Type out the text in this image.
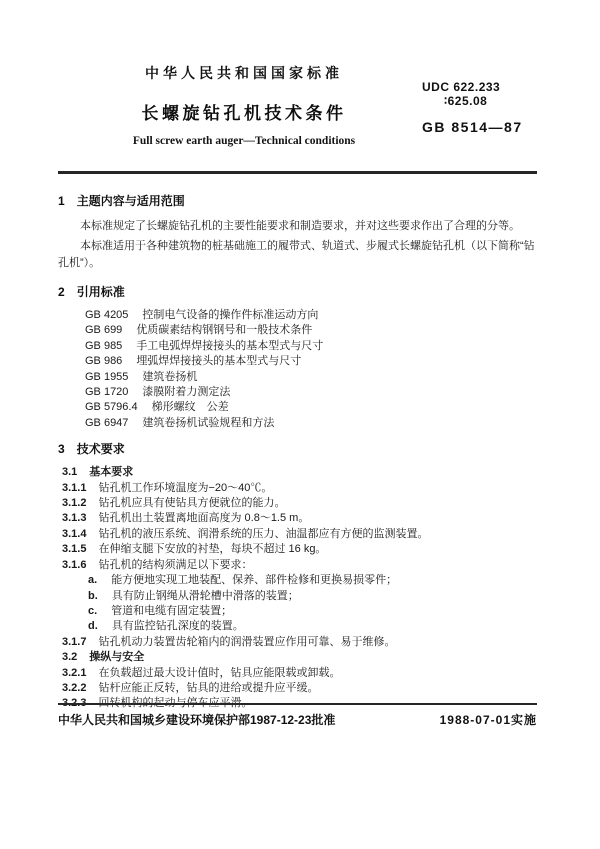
中华人民共和国国家标准
长螺旋钻孔机技术条件
Full screw earth auger—Technical conditions
UDC 622.233
∶625.08
GB 8514—87
1 主题内容与适用范围

本标准规定了长螺旋钻孔机的主要性能要求和制造要求，并对这些要求作出了合理的分等。

本标准适用于各种建筑物的桩基础施工的履带式、轨道式、步履式长螺旋钻孔机（以下简称“钻孔机”）。

2 引用标准
GB 4205 控制电气设备的操作件标准运动方向
GB 699 优质碳素结构钢钢号和一般技术条件
GB 985 手工电弧焊焊接接头的基本型式与尺寸
GB 986 埋弧焊焊接接头的基本型式与尺寸
GB 1955 建筑卷扬机
GB 1720 漆膜附着力测定法
GB 5796.4 梯形螺纹　公差
GB 6947 建筑卷扬机试验规程和方法
3 技术要求
3.1 基本要求
3.1.1 钻孔机工作环境温度为−20～40℃。
3.1.2 钻孔机应具有使钻具方便就位的能力。
3.1.3 钻孔机出土装置离地面高度为 0.8～1.5 m。
3.1.4 钻孔机的液压系统、润滑系统的压力、油温都应有方便的监测装置。
3.1.5 在伸缩支腿下安放的衬垫，每块不超过 16 kg。
3.1.6 钻孔机的结构须满足以下要求：
a. 能方便地实现工地装配、保养、部件检修和更换易损零件；
b. 具有防止钢绳从滑轮槽中滑落的装置；
c. 管道和电缆有固定装置；
d. 具有监控钻孔深度的装置。
3.1.7 钻孔机动力装置齿轮箱内的润滑装置应作用可靠、易于维修。
3.2 操纵与安全
3.2.1 在负载超过最大设计值时，钻具应能限载或卸载。
3.2.2 钻杆应能正反转，钻具的进给或提升应平缓。
中华人民共和国城乡建设环境保护部1987-12-23批准	1988-07-01实施
